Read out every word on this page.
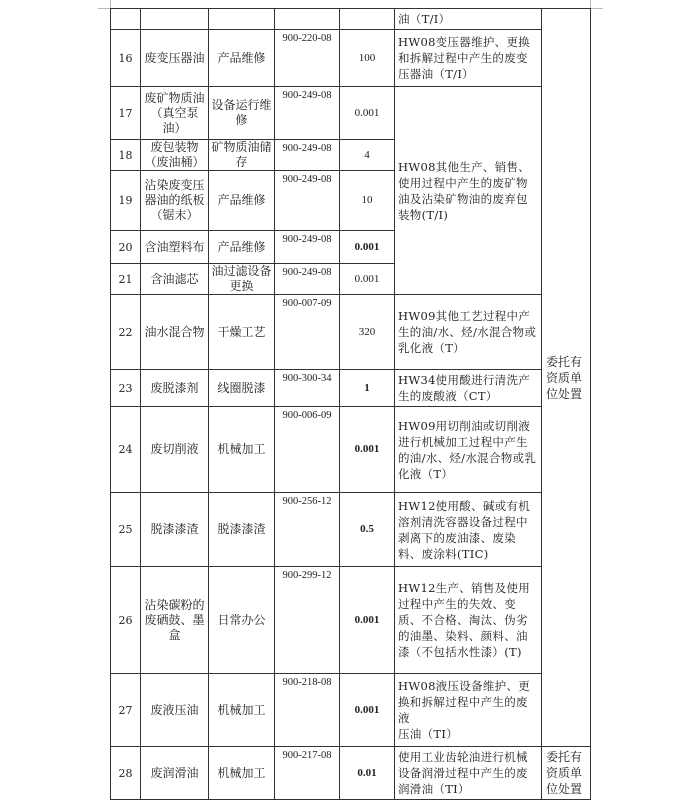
					油（T/I）	委托有资质单位处置
16	废变压器油	产品维修	900-220-08	100	HW08变压器维护、更换和拆解过程中产生的废变压器油（T/I）	

17	废矿物质油（真空泵油）	设备运行维修	900-249-08	0.001	HW08其他生产、销售、使用过程中产生的废矿物油及沾染矿物油的废弃包装物(T/I)	

18	废包装物（废油桶）	矿物质油储存	900-249-08	4		
19	沾染废变压器油的纸板（锯末）	产品维修	900-249-08	10		
20	含油塑料布	产品维修	900-249-08	0.001		
21	含油滤芯	油过滤设备更换	900-249-08	0.001		
22	油水混合物	干燥工艺	900-007-09	320	HW09其他工艺过程中产生的油/水、烃/水混合物或乳化液（T）	

23	废脱漆剂	线圈脱漆	900-300-34	1	HW34使用酸进行清洗产生的废酸液（CT）	

24	废切削液	机械加工	900-006-09	0.001	HW09用切削油或切削液进行机械加工过程中产生的油/水、烃/水混合物或乳化液（T）	

25	脱漆漆渣	脱漆漆渣	900-256-12	0.5	HW12使用酸、碱或有机溶剂清洗容器设备过程中剥离下的废油漆、废染料、废涂料(TIC)	

26	沾染碳粉的废硒鼓、墨盒	日常办公	900-299-12	0.001	HW12生产、销售及使用过程中产生的失效、变质、不合格、淘汰、伪劣的油墨、染料、颜料、油漆（不包括水性漆）(T)	

27	废液压油	机械加工	900-218-08	0.001	HW08液压设备维护、更换和拆解过程中产生的废液
压油（TI）	

28	废润滑油	机械加工	900-217-08	0.01	使用工业齿轮油进行机械设备润滑过程中产生的废润滑油（TI）	委托有资质单位处置
